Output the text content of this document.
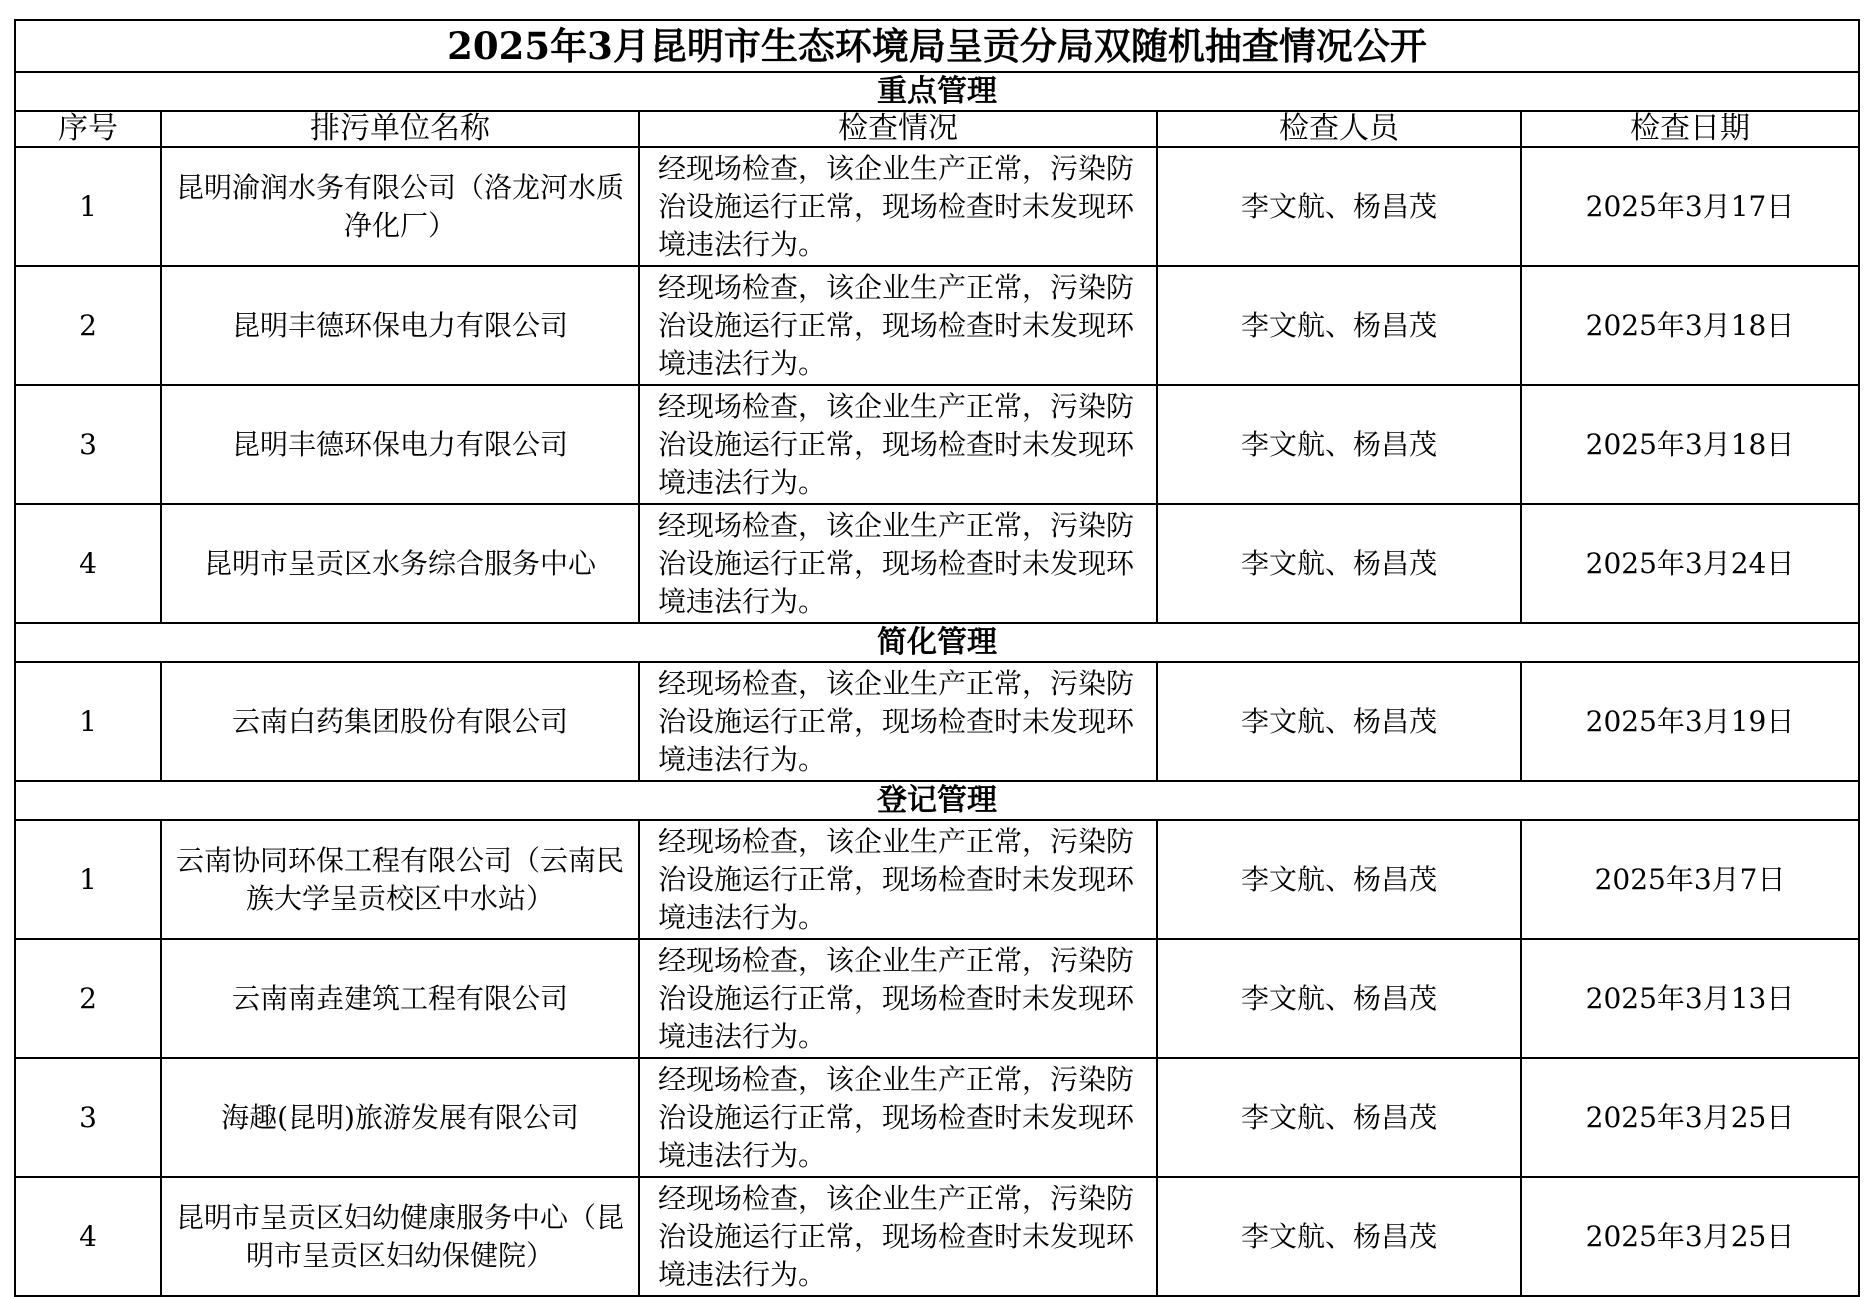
2025年3月昆明市生态环境局呈贡分局双随机抽查情况公开				
重点管理				
序号	排污单位名称	检查情况	检查人员	检查日期
1	昆明渝润水务有限公司（洛龙河水质净化厂）	经现场检查，该企业生产正常，污染防治设施运行正常，现场检查时未发现环境违法行为。	李文航、杨昌茂	2025年3月17日
2	昆明丰德环保电力有限公司	经现场检查，该企业生产正常，污染防治设施运行正常，现场检查时未发现环境违法行为。	李文航、杨昌茂	2025年3月18日
3	昆明丰德环保电力有限公司	经现场检查，该企业生产正常，污染防治设施运行正常，现场检查时未发现环境违法行为。	李文航、杨昌茂	2025年3月18日
4	昆明市呈贡区水务综合服务中心	经现场检查，该企业生产正常，污染防治设施运行正常，现场检查时未发现环境违法行为。	李文航、杨昌茂	2025年3月24日
简化管理				
1	云南白药集团股份有限公司	经现场检查，该企业生产正常，污染防治设施运行正常，现场检查时未发现环境违法行为。	李文航、杨昌茂	2025年3月19日
登记管理				
1	云南协同环保工程有限公司（云南民族大学呈贡校区中水站）	经现场检查，该企业生产正常，污染防治设施运行正常，现场检查时未发现环境违法行为。	李文航、杨昌茂	2025年3月7日
2	云南南垚建筑工程有限公司	经现场检查，该企业生产正常，污染防治设施运行正常，现场检查时未发现环境违法行为。	李文航、杨昌茂	2025年3月13日
3	海趣(昆明)旅游发展有限公司	经现场检查，该企业生产正常，污染防治设施运行正常，现场检查时未发现环境违法行为。	李文航、杨昌茂	2025年3月25日
4	昆明市呈贡区妇幼健康服务中心（昆明市呈贡区妇幼保健院）	经现场检查，该企业生产正常，污染防治设施运行正常，现场检查时未发现环境违法行为。	李文航、杨昌茂	2025年3月25日
